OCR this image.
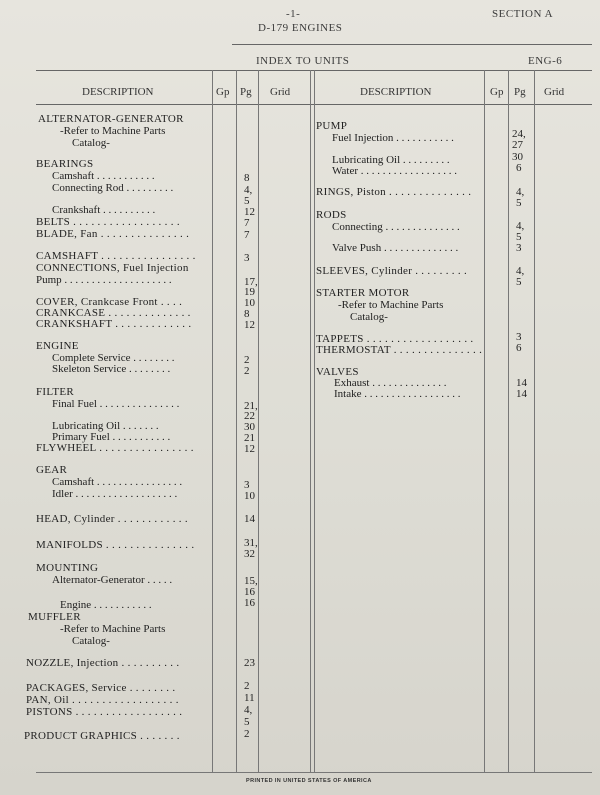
-1-	SECTION A
D-179 ENGINES
INDEX TO UNITS	ENG-6
DESCRIPTION	Gp Pg Grid	DESCRIPTION	Gp Pg Grid
ALTERNATOR-GENERATOR
-Refer to Machine Parts
Catalog-
BEARINGS
Camshaft . . . . . . . . . . .	8
Connecting Rod . . . . . . . . .	4,
5
Crankshaft . . . . . . . . . .	12
BELTS . . . . . . . . . . . . . . . . . .	7
BLADE, Fan . . . . . . . . . . . . . . .	7
CAMSHAFT . . . . . . . . . . . . . . . .	3
CONNECTIONS, Fuel Injection
Pump . . . . . . . . . . . . . . . . . . . .	17,
19
COVER, Crankcase Front . . . .	10
CRANKCASE . . . . . . . . . . . . . .	8
CRANKSHAFT . . . . . . . . . . . . .	12
ENGINE
Complete Service . . . . . . . .	2
Skeleton Service . . . . . . . .	2
FILTER
Final Fuel . . . . . . . . . . . . . . .	21,
22
Lubricating Oil . . . . . . .	30
Primary Fuel . . . . . . . . . . .	21
FLYWHEEL . . . . . . . . . . . . . . . .	12
GEAR
Camshaft . . . . . . . . . . . . . . . .	3
Idler . . . . . . . . . . . . . . . . . . .	10
HEAD, Cylinder . . . . . . . . . . . .	14
MANIFOLDS . . . . . . . . . . . . . . .	31,
32
MOUNTING
Alternator-Generator . . . . .	15,
16
Engine . . . . . . . . . . .	16
MUFFLER
-Refer to Machine Parts
Catalog-
NOZZLE, Injection . . . . . . . . . .	23
PACKAGES, Service . . . . . . . .	2
PAN, Oil . . . . . . . . . . . . . . . . . .	11
PISTONS . . . . . . . . . . . . . . . . . .	4,
5
PRODUCT GRAPHICS . . . . . . .	2
PUMP
Fuel Injection . . . . . . . . . . .	24,
27
Lubricating Oil . . . . . . . . .	30
Water . . . . . . . . . . . . . . . . . .	6
RINGS, Piston . . . . . . . . . . . . . .	4,
5
RODS
Connecting . . . . . . . . . . . . . .	4,
5
Valve Push . . . . . . . . . . . . . .	3
SLEEVES, Cylinder . . . . . . . . .	4,
5
STARTER MOTOR
-Refer to Machine Parts
Catalog-
TAPPETS . . . . . . . . . . . . . . . . . .	3
THERMOSTAT . . . . . . . . . . . . . . .	6
VALVES
Exhaust . . . . . . . . . . . . . .	14
Intake . . . . . . . . . . . . . . . . . .	14
PRINTED IN UNITED STATES OF AMERICA
